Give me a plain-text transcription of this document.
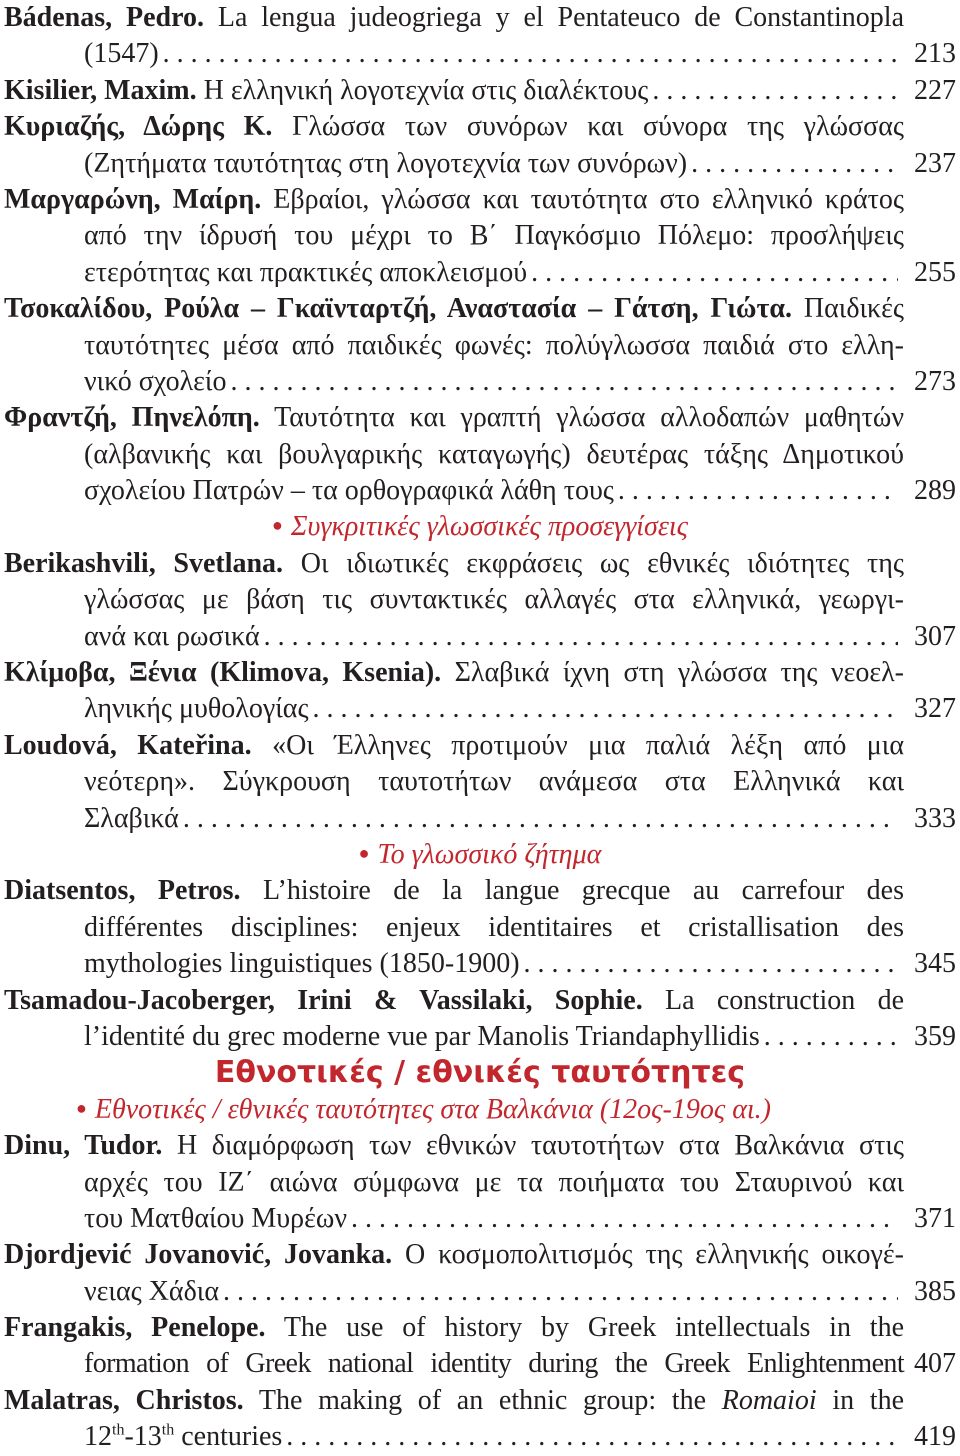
Bádenas, Pedro. La lengua judeogriega y el Pentateuco de Constantinopla
(1547) . . .	213
Kisilier, Maxim. Η ελληνική λογοτεχνία στις διαλέκτους . . .	227
Κυριαζής, Δώρης Κ. Γλώσσα των συνόρων και σύνορα της γλώσσας
(Ζητήματα ταυτότητας στη λογοτεχνία των συνόρων) . . .	237
Μαργαρώνη, Μαίρη. Εβραίοι, γλώσσα και ταυτότητα στο ελληνικό κράτος
από την ίδρυσή του μέχρι το Β΄ Παγκόσμιο Πόλεμο: προσλήψεις
ετερότητας και πρακτικές αποκλεισμού . . .	255
Τσοκαλίδου, Ρούλα – Γκαϊνταρτζή, Αναστασία – Γάτση, Γιώτα. Παιδικές
ταυτότητες μέσα από παιδικές φωνές: πολύγλωσσα παιδιά στο ελλη-
νικό σχολείο . . .	273
Φραντζή, Πηνελόπη. Ταυτότητα και γραπτή γλώσσα αλλοδαπών μαθητών
(αλβανικής και βουλγαρικής καταγωγής) δευτέρας τάξης Δημοτικού
σχολείου Πατρών – τα ορθογραφικά λάθη τους . . .	289
● Συγκριτικές γλωσσικές προσεγγίσεις
Berikashvili, Svetlana. Οι ιδιωτικές εκφράσεις ως εθνικές ιδιότητες της
γλώσσας με βάση τις συντακτικές αλλαγές στα ελληνικά, γεωργι-
ανά και ρωσικά . . .	307
Κλίμοβα, Ξένια (Klimova, Ksenia). Σλαβικά ίχνη στη γλώσσα της νεοελ-
ληνικής μυθολογίας . . .	327
Loudová, Kateřina. «Οι Έλληνες προτιμούν μια παλιά λέξη από μια
νεότερη». Σύγκρουση ταυτοτήτων ανάμεσα στα Ελληνικά και
Σλαβικά . . .	333
● Το γλωσσικό ζήτημα
Diatsentos, Petros. L’histoire de la langue grecque au carrefour des
différentes disciplines: enjeux identitaires et cristallisation des
mythologies linguistiques (1850-1900) . . .	345
Tsamadou-Jacoberger, Irini & Vassilaki, Sophie. La construction de
l’identité du grec moderne vue par Manolis Triandaphyllidis . . .	359
Εθνοτικές / εθνικές ταυτότητες
● Εθνοτικές / εθνικές ταυτότητες στα Βαλκάνια (12ος-19ος αι.)
Dinu, Tudor. Η διαμόρφωση των εθνικών ταυτοτήτων στα Βαλκάνια στις
αρχές του ΙΖ΄ αιώνα σύμφωνα με τα ποιήματα του Σταυρινού και
του Ματθαίου Μυρέων . . .	371
Djordjević Jovanović, Jovanka. Ο κοσμοπολιτισμός της ελληνικής οικογέ-
νειας Χάδια . . .	385
Frangakis, Penelope. The use of history by Greek intellectuals in the
formation of Greek national identity during the Greek Enlightenment 407
Malatras, Christos. The making of an ethnic group: the Romaioi in the
12th-13th centuries . . .	419
